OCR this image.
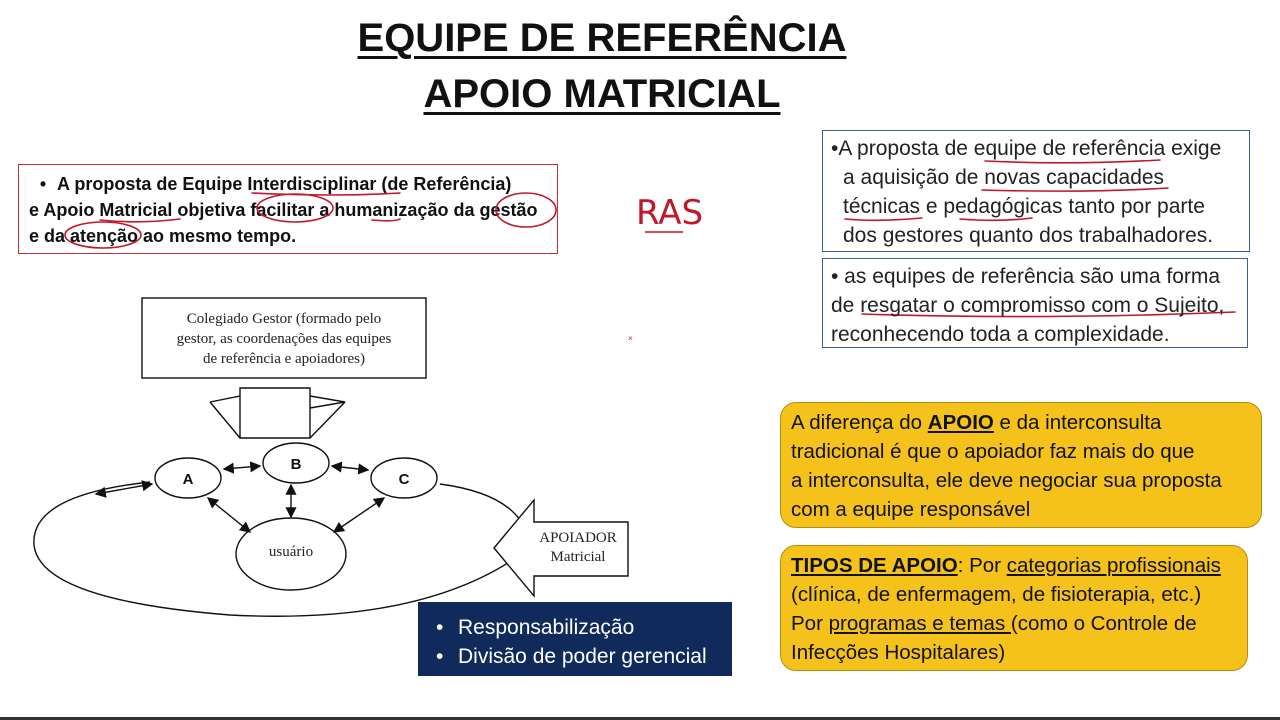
EQUIPE DE REFERÊNCIA
APOIO MATRICIAL
• A proposta de Equipe Interdisciplinar (de Referência)
e Apoio Matricial objetiva facilitar a humanização da gestão
e da atenção ao mesmo tempo.
RAS
×
•A proposta de equipe de referência exige
a aquisição de novas capacidades
técnicas e pedagógicas tanto por parte
dos gestores quanto dos trabalhadores.
• as equipes de referência são uma forma
de resgatar o compromisso com o Sujeito,
reconhecendo toda a complexidade.
Colegiado Gestor (formado pelo
gestor, as coordenações das equipes
de referência e apoiadores)
usuário
APOIADOR
Matricial
A
B
C
• Responsabilização
• Divisão de poder gerencial
A diferença do APOIO e da interconsulta
tradicional é que o apoiador faz mais do que
a interconsulta, ele deve negociar sua proposta
com a equipe responsável
TIPOS DE APOIO: Por categorias profissionais
(clínica, de enfermagem, de fisioterapia, etc.)
Por programas e temas (como o Controle de
Infecções Hospitalares)
